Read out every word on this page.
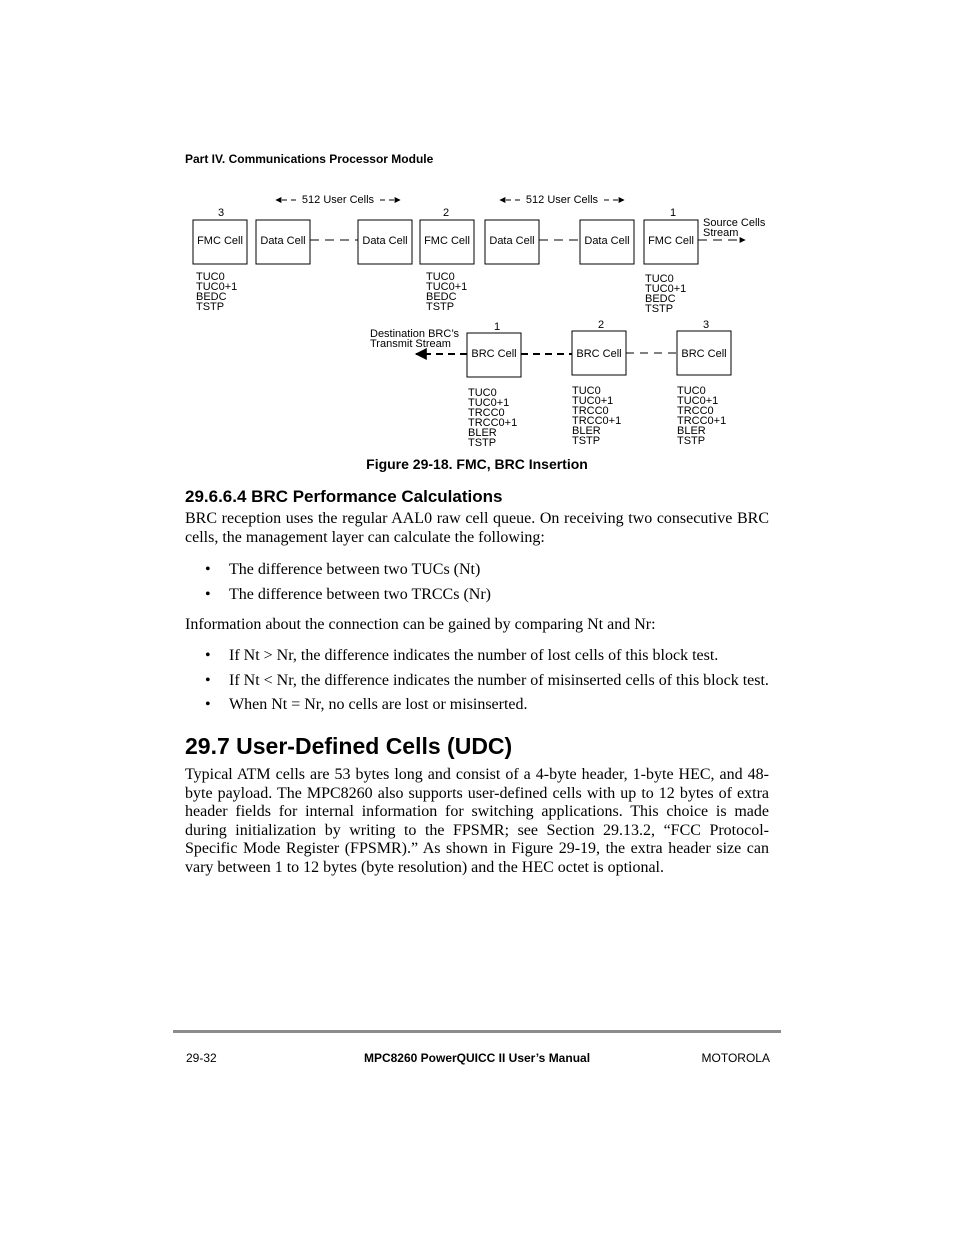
Part IV. Communications Processor Module
FMC Cell Data Cell	Data Cell FMC Cell Data Cell	Data Cell FMC Cell
3	2	1
512 User Cells	512 User Cells
Source Cells
Stream
TUC0
TUC0+1
BEDC
TSTP
TUC0
TUC0+1
BEDC
TSTP
TUC0
TUC0+1
BEDC
TSTP
Destination BRC’s
Transmit Stream
BRC Cell	BRC Cell	BRC Cell
1	2	3
TUC0
TUC0+1
TRCC0
TRCC0+1
BLER
TSTP
TUC0
TUC0+1
TRCC0
TRCC0+1
BLER
TSTP
TUC0
TUC0+1
TRCC0
TRCC0+1
BLER
TSTP
Figure 29-18. FMC, BRC Insertion
29.6.6.4 BRC Performance Calculations
BRC reception uses the regular AAL0 raw cell queue. On receiving two consecutive BRC cells, the management layer can calculate the following:
• The difference between two TUCs (Nt)
• The difference between two TRCCs (Nr)
Information about the connection can be gained by comparing Nt and Nr:
• If Nt > Nr, the difference indicates the number of lost cells of this block test.
• If Nt < Nr, the difference indicates the number of misinserted cells of this block test.
• When Nt = Nr, no cells are lost or misinserted.
29.7 User-Defined Cells (UDC)
Typical ATM cells are 53 bytes long and consist of a 4-byte header, 1-byte HEC, and 48-byte payload. The MPC8260 also supports user-defined cells with up to 12 bytes of extra header fields for internal information for switching applications. This choice is made during initialization by writing to the FPSMR; see Section 29.13.2, “FCC Protocol-Specific Mode Register (FPSMR).” As shown in Figure 29-19, the extra header size can vary between 1 to 12 bytes (byte resolution) and the HEC octet is optional.
29-32	MPC8260 PowerQUICC II User’s Manual	MOTOROLA
